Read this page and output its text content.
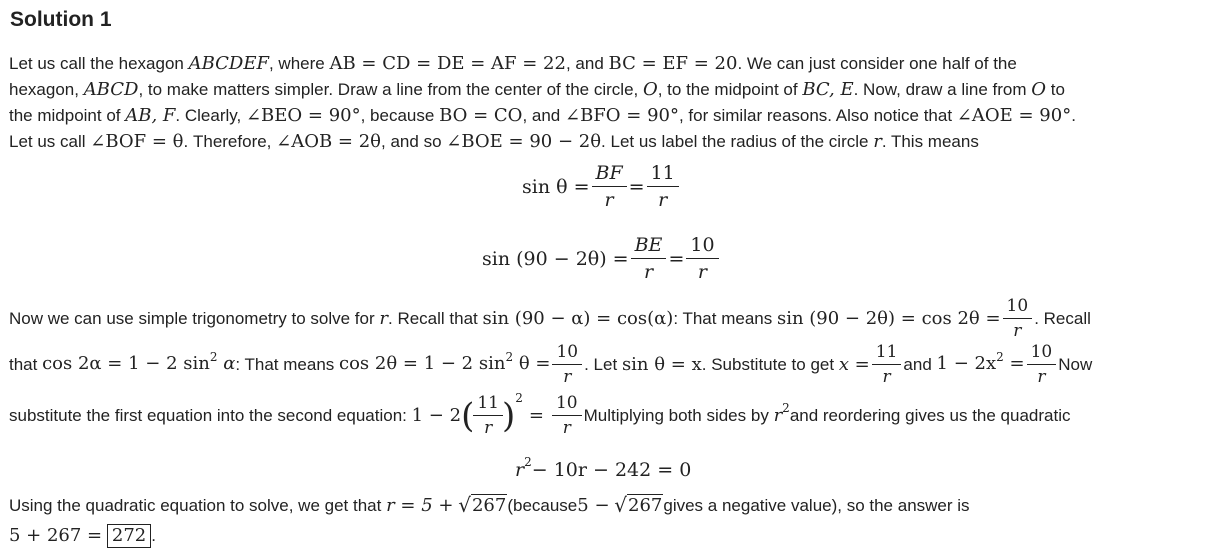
Solution 1
Let us call the hexagon ABCDEF, where AB = CD = DE = AF = 22, and BC = EF = 20. We can just consider one half of the
hexagon, ABCD, to make matters simpler. Draw a line from the center of the circle, O, to the midpoint of BC, E. Now, draw a line from O to
the midpoint of AB, F. Clearly, ∠BEO = 90°, because BO = CO, and ∠BFO = 90°, for similar reasons. Also notice that ∠AOE = 90°.
Let us call ∠BOF = θ. Therefore, ∠AOB = 2θ, and so ∠BOE = 90 − 2θ. Let us label the radius of the circle r. This means
$\sin \theta = \frac{BF}{r} = \frac{11}{r}$
$\sin (90 - 2\theta) = \frac{BE}{r} = \frac{10}{r}$
Now we can use simple trigonometry to solve for
r . Recall that
sin (90 − α) = cos(α) : That means
$\sin (90 - 2\theta) = \cos 2\theta = \frac{10}{r}$ . Recall
that
cos 2α = 1 − 2 $\sin^2 \alpha$ : That means
cos 2θ = 1 − 2 $\sin^2 \theta = \frac{10}{r}$ . Let
sin θ = x . Substitute to get
$x = \frac{11}{r}$ and
$1 - 2x^2 = \frac{10}{r}$ Now
substitute the first equation into the second equation:
1 − 2 ( $\frac{11}{r}$ ) 2
= $\frac{10}{r}$ Multiplying both sides by
r 2 and reordering gives us the quadratic
r 2 − 10r − 242 = 0
Using the quadratic equation to solve, we get that
r = 5 +
√ 267 (because 5 −
√ 267 gives a negative value), so the answer is
5 + 267 =
272 .
